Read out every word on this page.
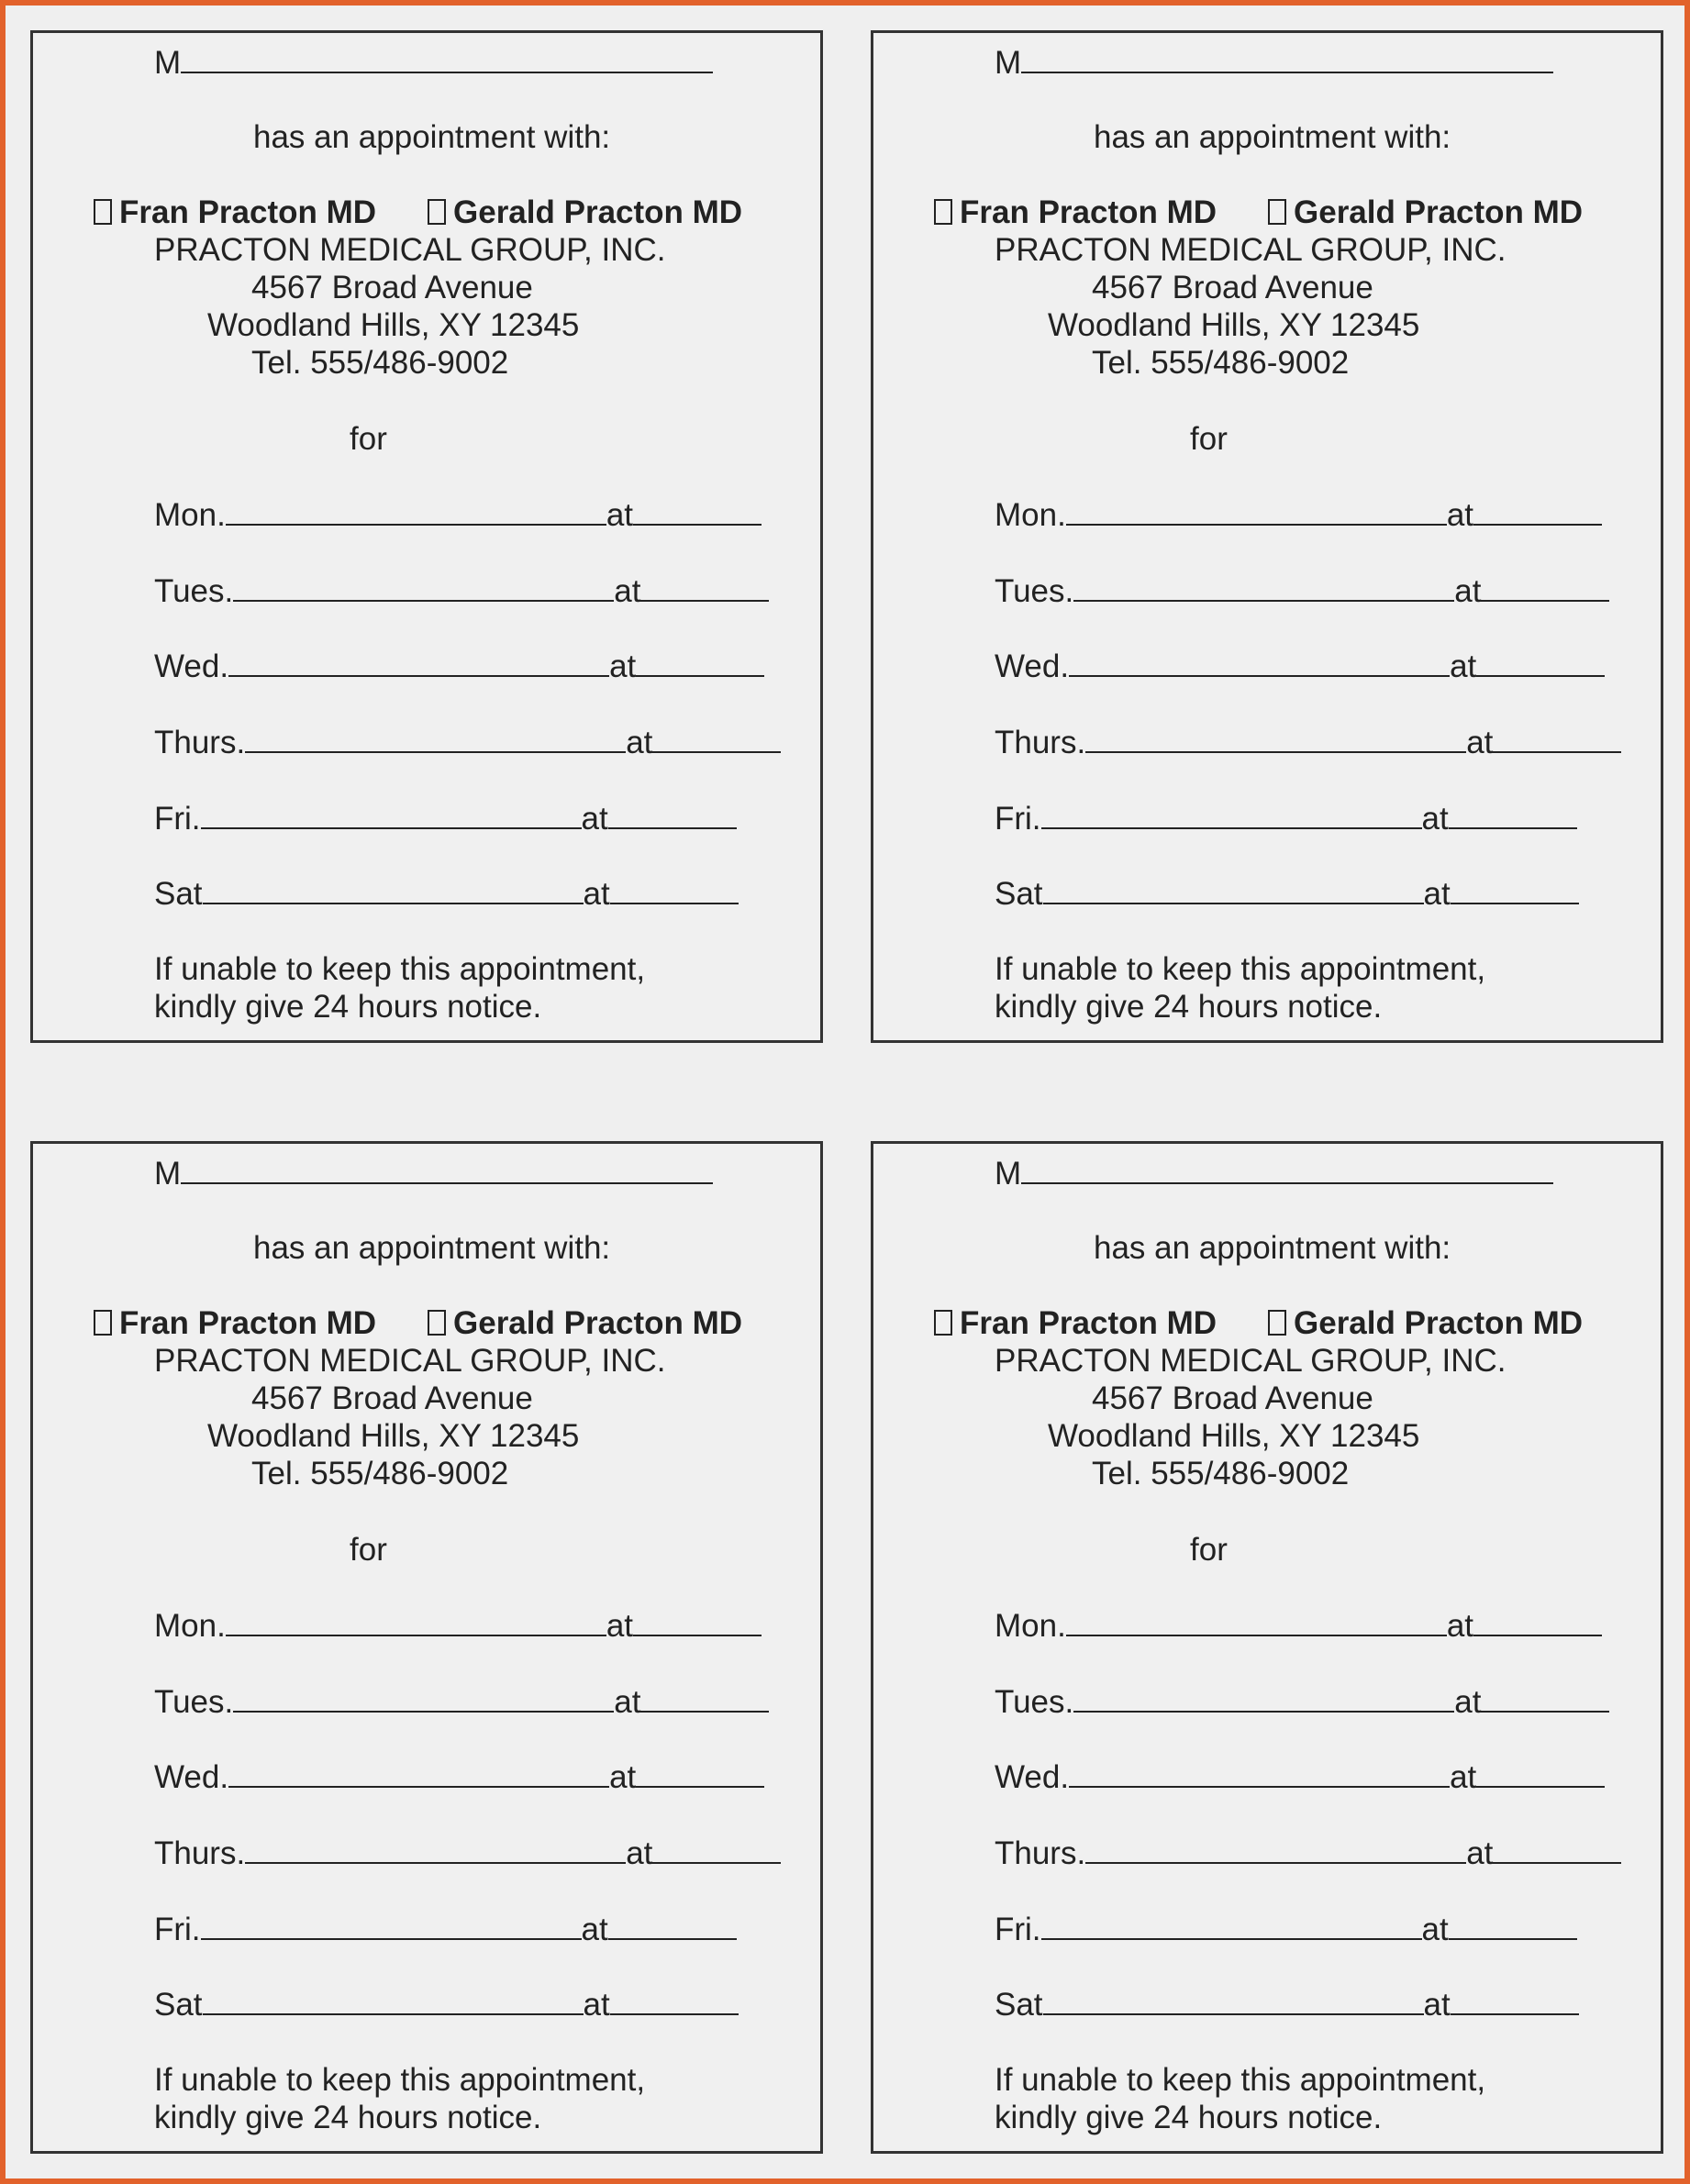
M
has an appointment with:
Fran Practon MD	Gerald Practon MD
PRACTON MEDICAL GROUP, INC.
4567 Broad Avenue
Woodland Hills, XY 12345
Tel. 555/486-9002
for
Mon.	at
Tues.	at
Wed.	at
Thurs.	at
Fri.	at
Sat	at
If unable to keep this appointment,
kindly give 24 hours notice.
M
has an appointment with:
Fran Practon MD	Gerald Practon MD
PRACTON MEDICAL GROUP, INC.
4567 Broad Avenue
Woodland Hills, XY 12345
Tel. 555/486-9002
for
Mon.	at
Tues.	at
Wed.	at
Thurs.	at
Fri.	at
Sat	at
If unable to keep this appointment,
kindly give 24 hours notice.
M
has an appointment with:
Fran Practon MD	Gerald Practon MD
PRACTON MEDICAL GROUP, INC.
4567 Broad Avenue
Woodland Hills, XY 12345
Tel. 555/486-9002
for
Mon.	at
Tues.	at
Wed.	at
Thurs.	at
Fri.	at
Sat	at
If unable to keep this appointment,
kindly give 24 hours notice.
M
has an appointment with:
Fran Practon MD	Gerald Practon MD
PRACTON MEDICAL GROUP, INC.
4567 Broad Avenue
Woodland Hills, XY 12345
Tel. 555/486-9002
for
Mon.	at
Tues.	at
Wed.	at
Thurs.	at
Fri.	at
Sat	at
If unable to keep this appointment,
kindly give 24 hours notice.
